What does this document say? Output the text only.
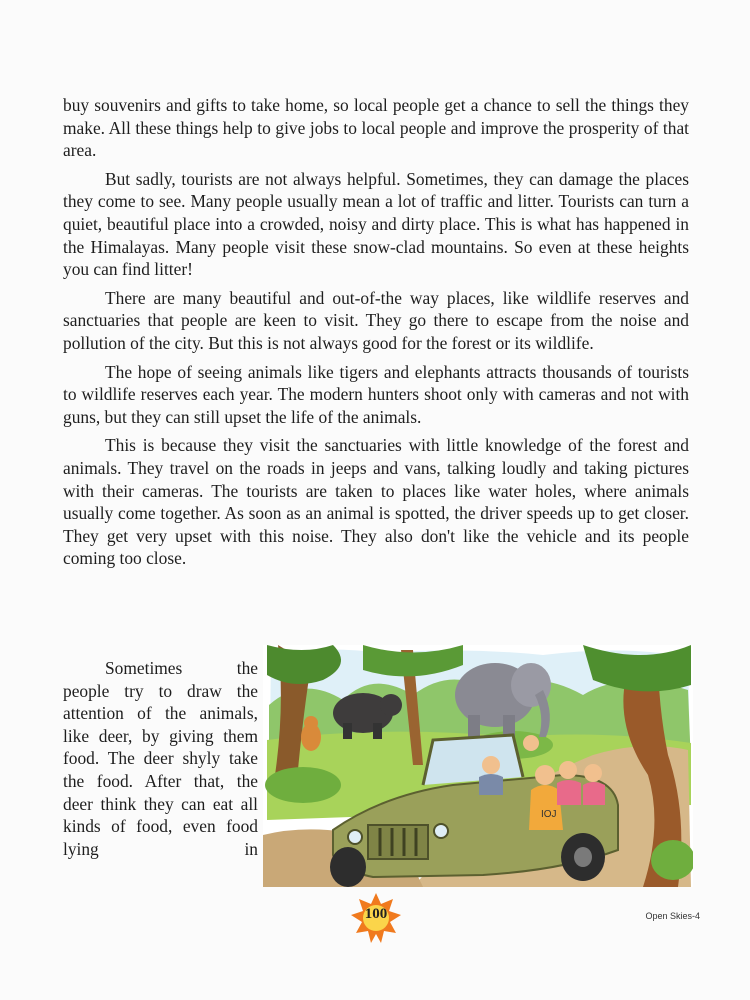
buy souvenirs and gifts to take home, so local people get a chance to sell the things they make. All these things help to give jobs to local people and improve the prosperity of that area.

But sadly, tourists are not always helpful. Sometimes, they can damage the places they come to see. Many people usually mean a lot of traffic and litter. Tourists can turn a quiet, beautiful place into a crowded, noisy and dirty place. This is what has happened in the Himalayas. Many people visit these snow-clad mountains. So even at these heights you can find litter!

There are many beautiful and out-of-the way places, like wildlife reserves and sanctuaries that people are keen to visit. They go there to escape from the noise and pollution of the city. But this is not always good for the forest or its wildlife.

The hope of seeing animals like tigers and elephants attracts thousands of tourists to wildlife reserves each year. The modern hunters shoot only with cameras and not with guns, but they can still upset the life of the animals.

This is because they visit the sanctuaries with little knowledge of the forest and animals. They travel on the roads in jeeps and vans, talking loudly and taking pictures with their cameras. The tourists are taken to places like water holes, where animals usually come together. As soon as an animal is spotted, the driver speeds up to get closer. They get very upset with this noise. They also don't like the vehicle and its people coming too close.

Sometimes the people try to draw the attention of the animals, like deer, by giving them food. The deer shyly take the food. After that, the deer think they can eat all kinds of food, even food lying in

IOJ
100	Open Skies-4
